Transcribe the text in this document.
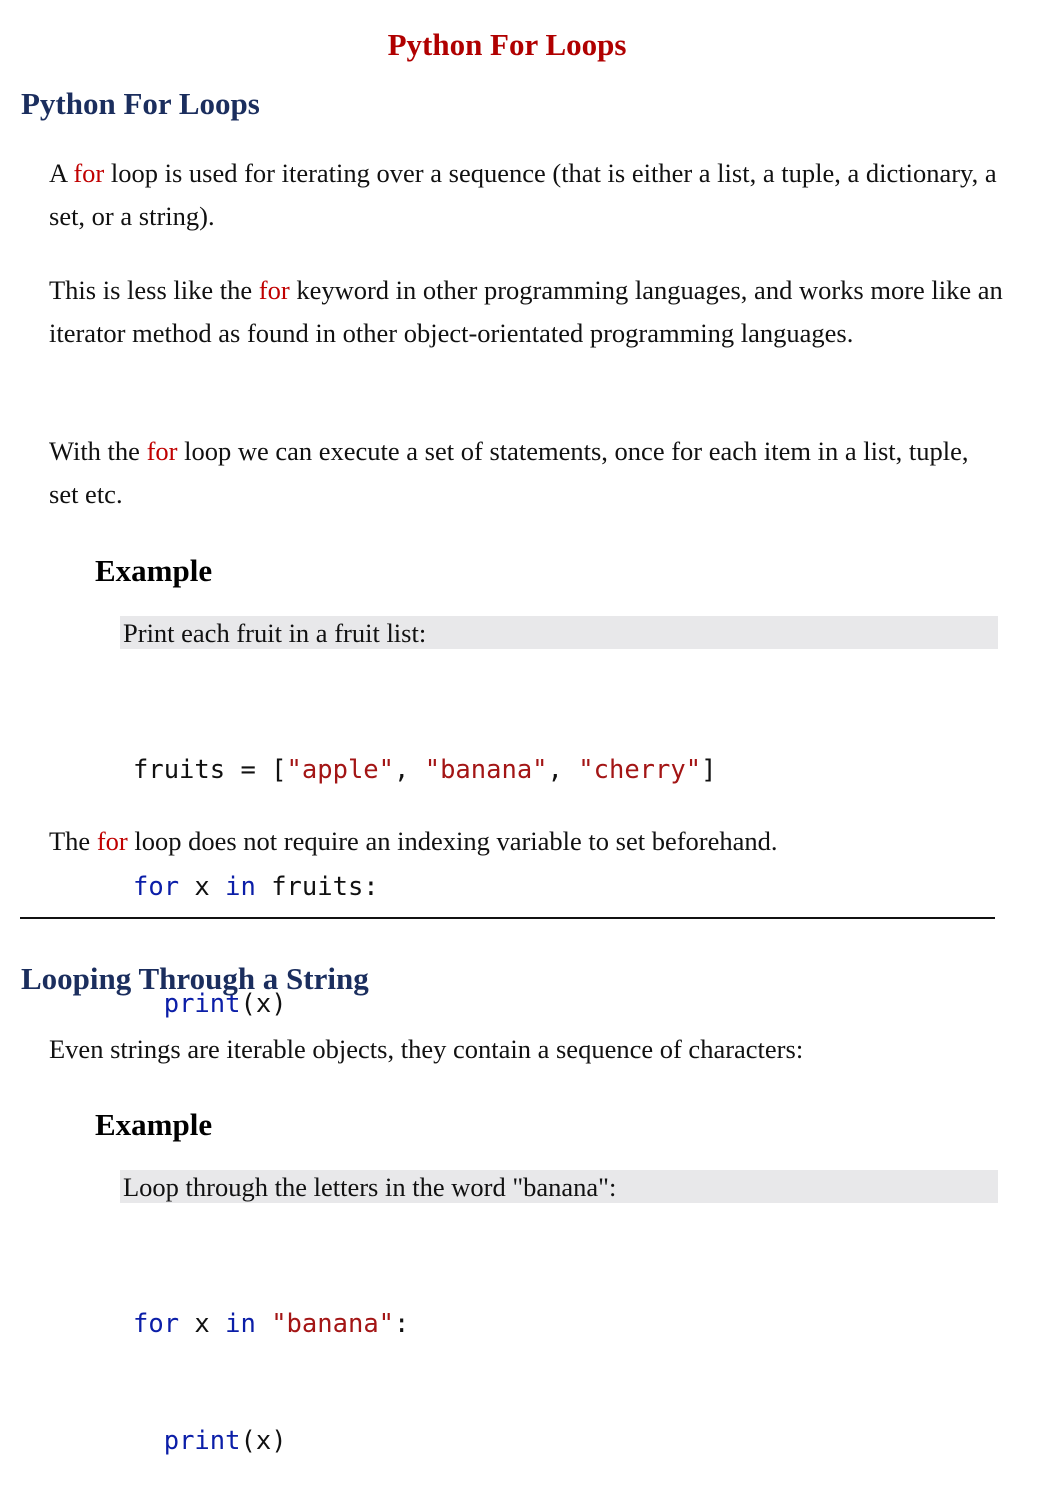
Python For Loops
Python For Loops

A for loop is used for iterating over a sequence (that is either a list, a tuple, a dictionary, a set, or a string).

This is less like the for keyword in other programming languages, and works more like an iterator method as found in other object-orientated programming languages.

With the for loop we can execute a set of statements, once for each item in a list, tuple, set etc.

Example
Print each fruit in a fruit list:

fruits = ["apple", "banana", "cherry"]

for x in fruits:

print(x)

The for loop does not require an indexing variable to set beforehand.

Looping Through a String

Even strings are iterable objects, they contain a sequence of characters:

Example
Loop through the letters in the word "banana":

for x in "banana":

print(x)
